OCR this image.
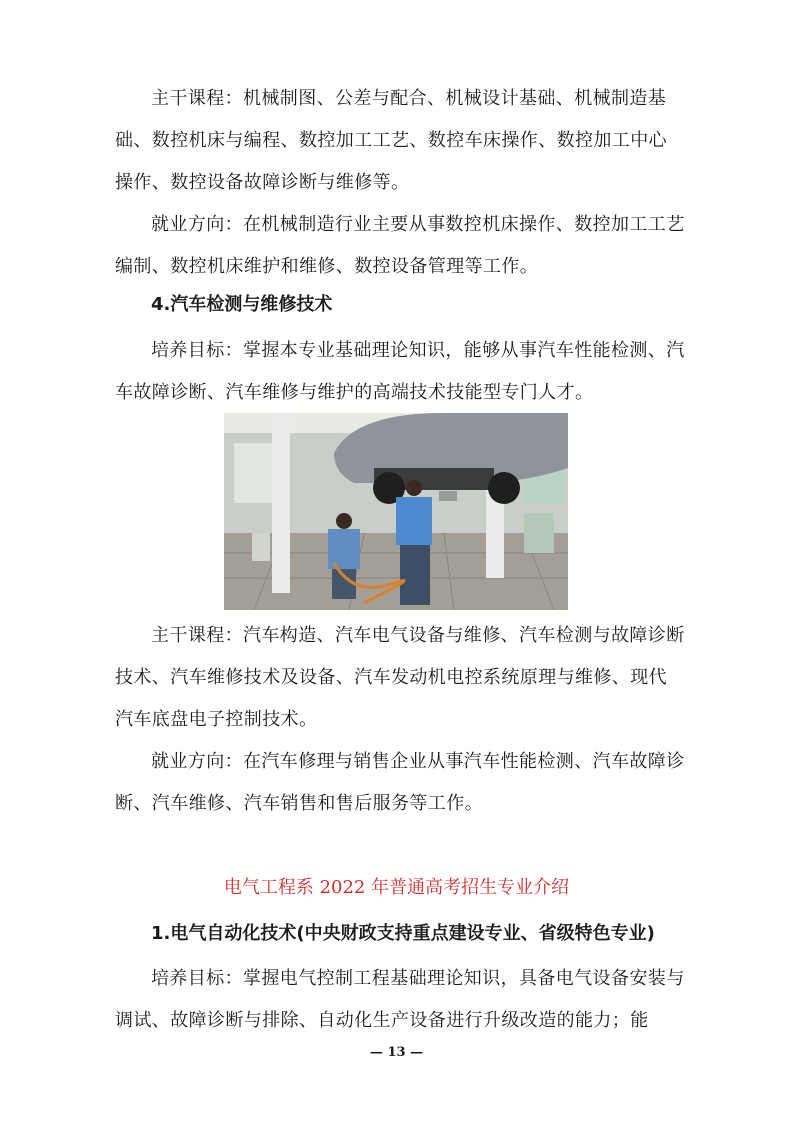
主干课程：机械制图、公差与配合、机械设计基础、机械制造基础、数控机床与编程、数控加工工艺、数控车床操作、数控加工中心操作、数控设备故障诊断与维修等。

就业方向：在机械制造行业主要从事数控机床操作、数控加工工艺编制、数控机床维护和维修、数控设备管理等工作。

4.汽车检测与维修技术

培养目标：掌握本专业基础理论知识，能够从事汽车性能检测、汽车故障诊断、汽车维修与维护的高端技术技能型专门人才。

主干课程：汽车构造、汽车电气设备与维修、汽车检测与故障诊断技术、汽车维修技术及设备、汽车发动机电控系统原理与维修、现代汽车底盘电子控制技术。

就业方向：在汽车修理与销售企业从事汽车性能检测、汽车故障诊断、汽车维修、汽车销售和售后服务等工作。

电气工程系 2022 年普通高考招生专业介绍

1.电气自动化技术(中央财政支持重点建设专业、省级特色专业)

培养目标：掌握电气控制工程基础理论知识，具备电气设备安装与调试、故障诊断与排除、自动化生产设备进行升级改造的能力；能

— 13 —
